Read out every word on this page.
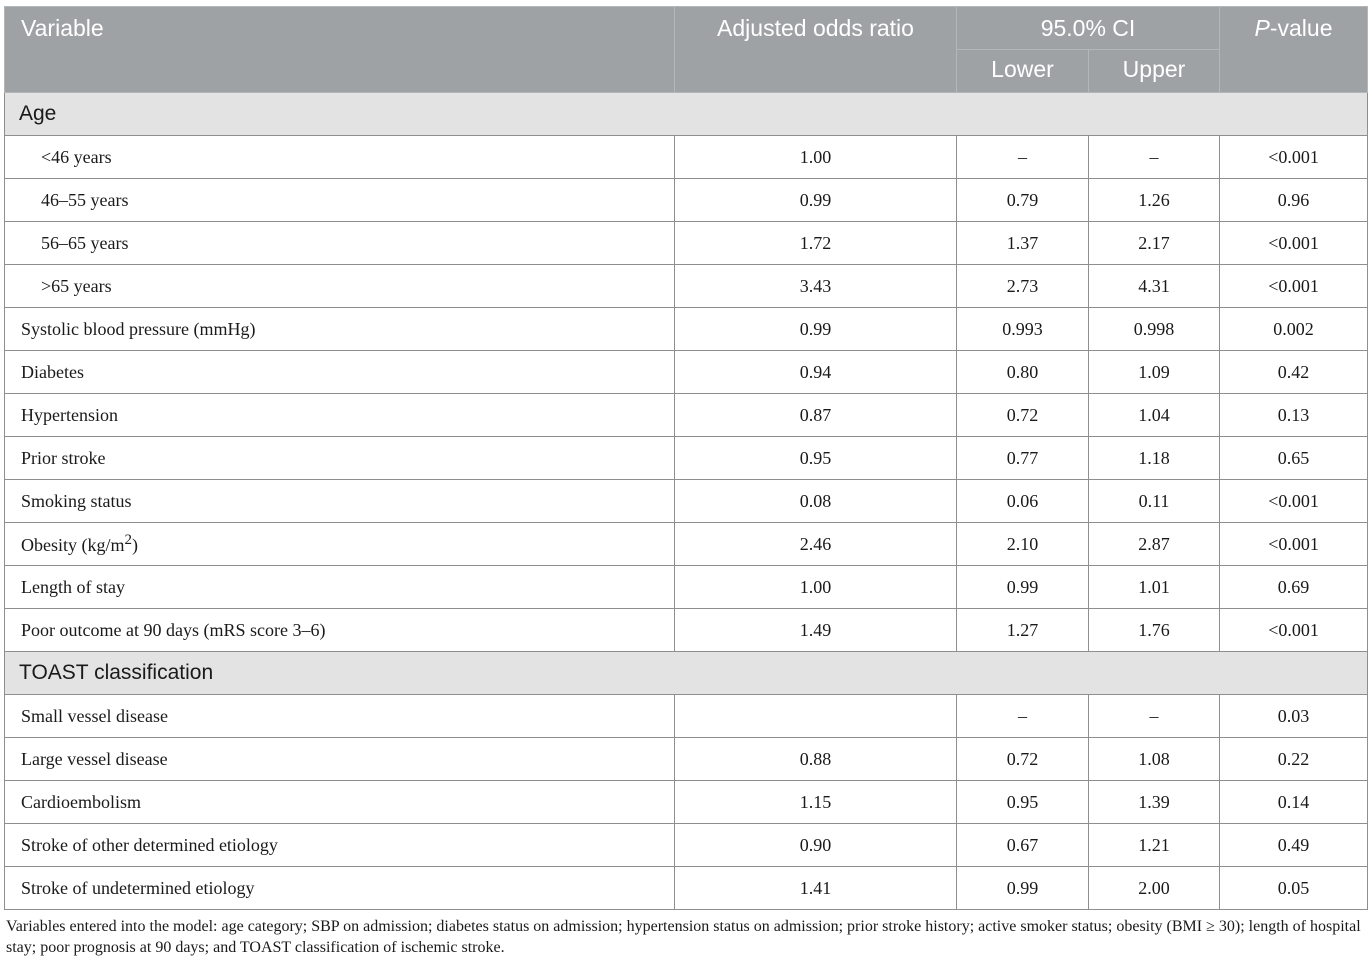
Variable	Adjusted odds ratio	95.0% CI		P-value
		Lower	Upper	
Age				
<46 years	1.00	–	–	<0.001
46–55 years	0.99	0.79	1.26	0.96
56–65 years	1.72	1.37	2.17	<0.001
>65 years	3.43	2.73	4.31	<0.001
Systolic blood pressure (mmHg)	0.99	0.993	0.998	0.002
Diabetes	0.94	0.80	1.09	0.42
Hypertension	0.87	0.72	1.04	0.13
Prior stroke	0.95	0.77	1.18	0.65
Smoking status	0.08	0.06	0.11	<0.001
Obesity $(kg/m^2)$	2.46	2.10	2.87	<0.001
Length of stay	1.00	0.99	1.01	0.69
Poor outcome at 90 days (mRS score 3–6)	1.49	1.27	1.76	<0.001
TOAST classification				
Small vessel disease		–	–	0.03
Large vessel disease	0.88	0.72	1.08	0.22
Cardioembolism	1.15	0.95	1.39	0.14
Stroke of other determined etiology	0.90	0.67	1.21	0.49
Stroke of undetermined etiology	1.41	0.99	2.00	0.05

Variables entered into the model: age category; SBP on admission; diabetes status on admission; hypertension status on admission; prior stroke history; active smoker status; obesity (BMI ≥ 30); length of hospital stay; poor prognosis at 90 days; and TOAST classification of ischemic stroke.
